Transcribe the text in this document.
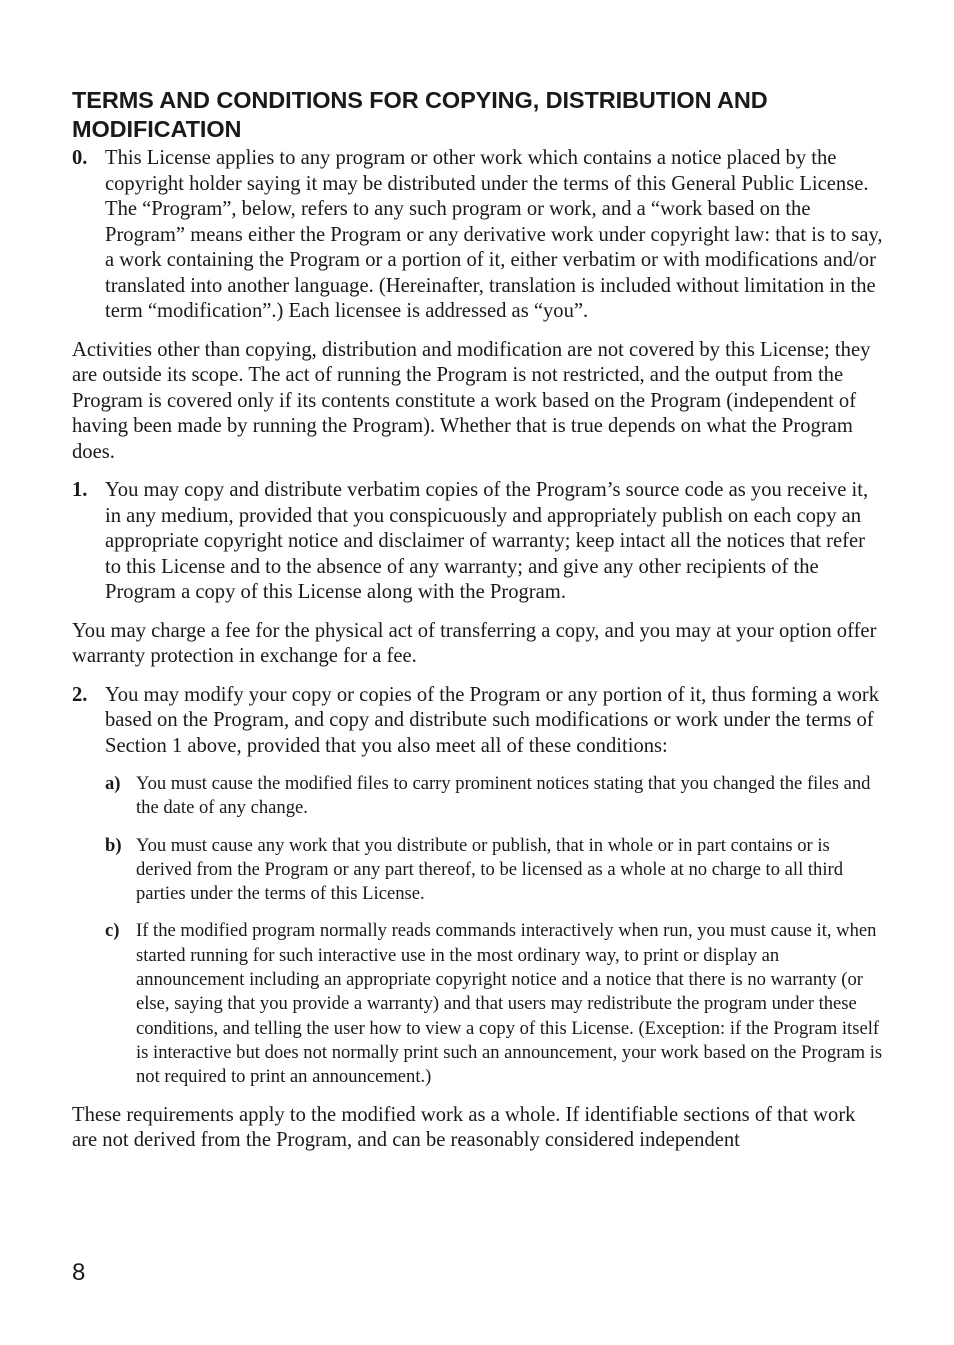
TERMS AND CONDITIONS FOR COPYING, DISTRIBUTION AND MODIFICATION
0. This License applies to any program or other work which contains a notice placed by the copyright holder saying it may be distributed under the terms of this General Public License. The “Program”, below, refers to any such program or work, and a “work based on the Program” means either the Program or any derivative work under copyright law: that is to say, a work containing the Program or a portion of it, either verbatim or with modifications and/or translated into another language. (Hereinafter, translation is included without limitation in the term “modification”.) Each licensee is addressed as “you”.

Activities other than copying, distribution and modification are not covered by this License; they are outside its scope. The act of running the Program is not restricted, and the output from the Program is covered only if its contents constitute a work based on the Program (independent of having been made by running the Program). Whether that is true depends on what the Program does.

1. You may copy and distribute verbatim copies of the Program’s source code as you receive it, in any medium, provided that you conspicuously and appropriately publish on each copy an appropriate copyright notice and disclaimer of warranty; keep intact all the notices that refer to this License and to the absence of any warranty; and give any other recipients of the Program a copy of this License along with the Program.

You may charge a fee for the physical act of transferring a copy, and you may at your option offer warranty protection in exchange for a fee.

2. You may modify your copy or copies of the Program or any portion of it, thus forming a work based on the Program, and copy and distribute such modifications or work under the terms of Section 1 above, provided that you also meet all of these conditions:
a) You must cause the modified files to carry prominent notices stating that you changed the files and the date of any change.
b) You must cause any work that you distribute or publish, that in whole or in part contains or is derived from the Program or any part thereof, to be licensed as a whole at no charge to all third parties under the terms of this License.
c) If the modified program normally reads commands interactively when run, you must cause it, when started running for such interactive use in the most ordinary way, to print or display an announcement including an appropriate copyright notice and a notice that there is no warranty (or else, saying that you provide a warranty) and that users may redistribute the program under these conditions, and telling the user how to view a copy of this License. (Exception: if the Program itself is interactive but does not normally print such an announcement, your work based on the Program is not required to print an announcement.)

These requirements apply to the modified work as a whole. If identifiable sections of that work are not derived from the Program, and can be reasonably considered independent

8
